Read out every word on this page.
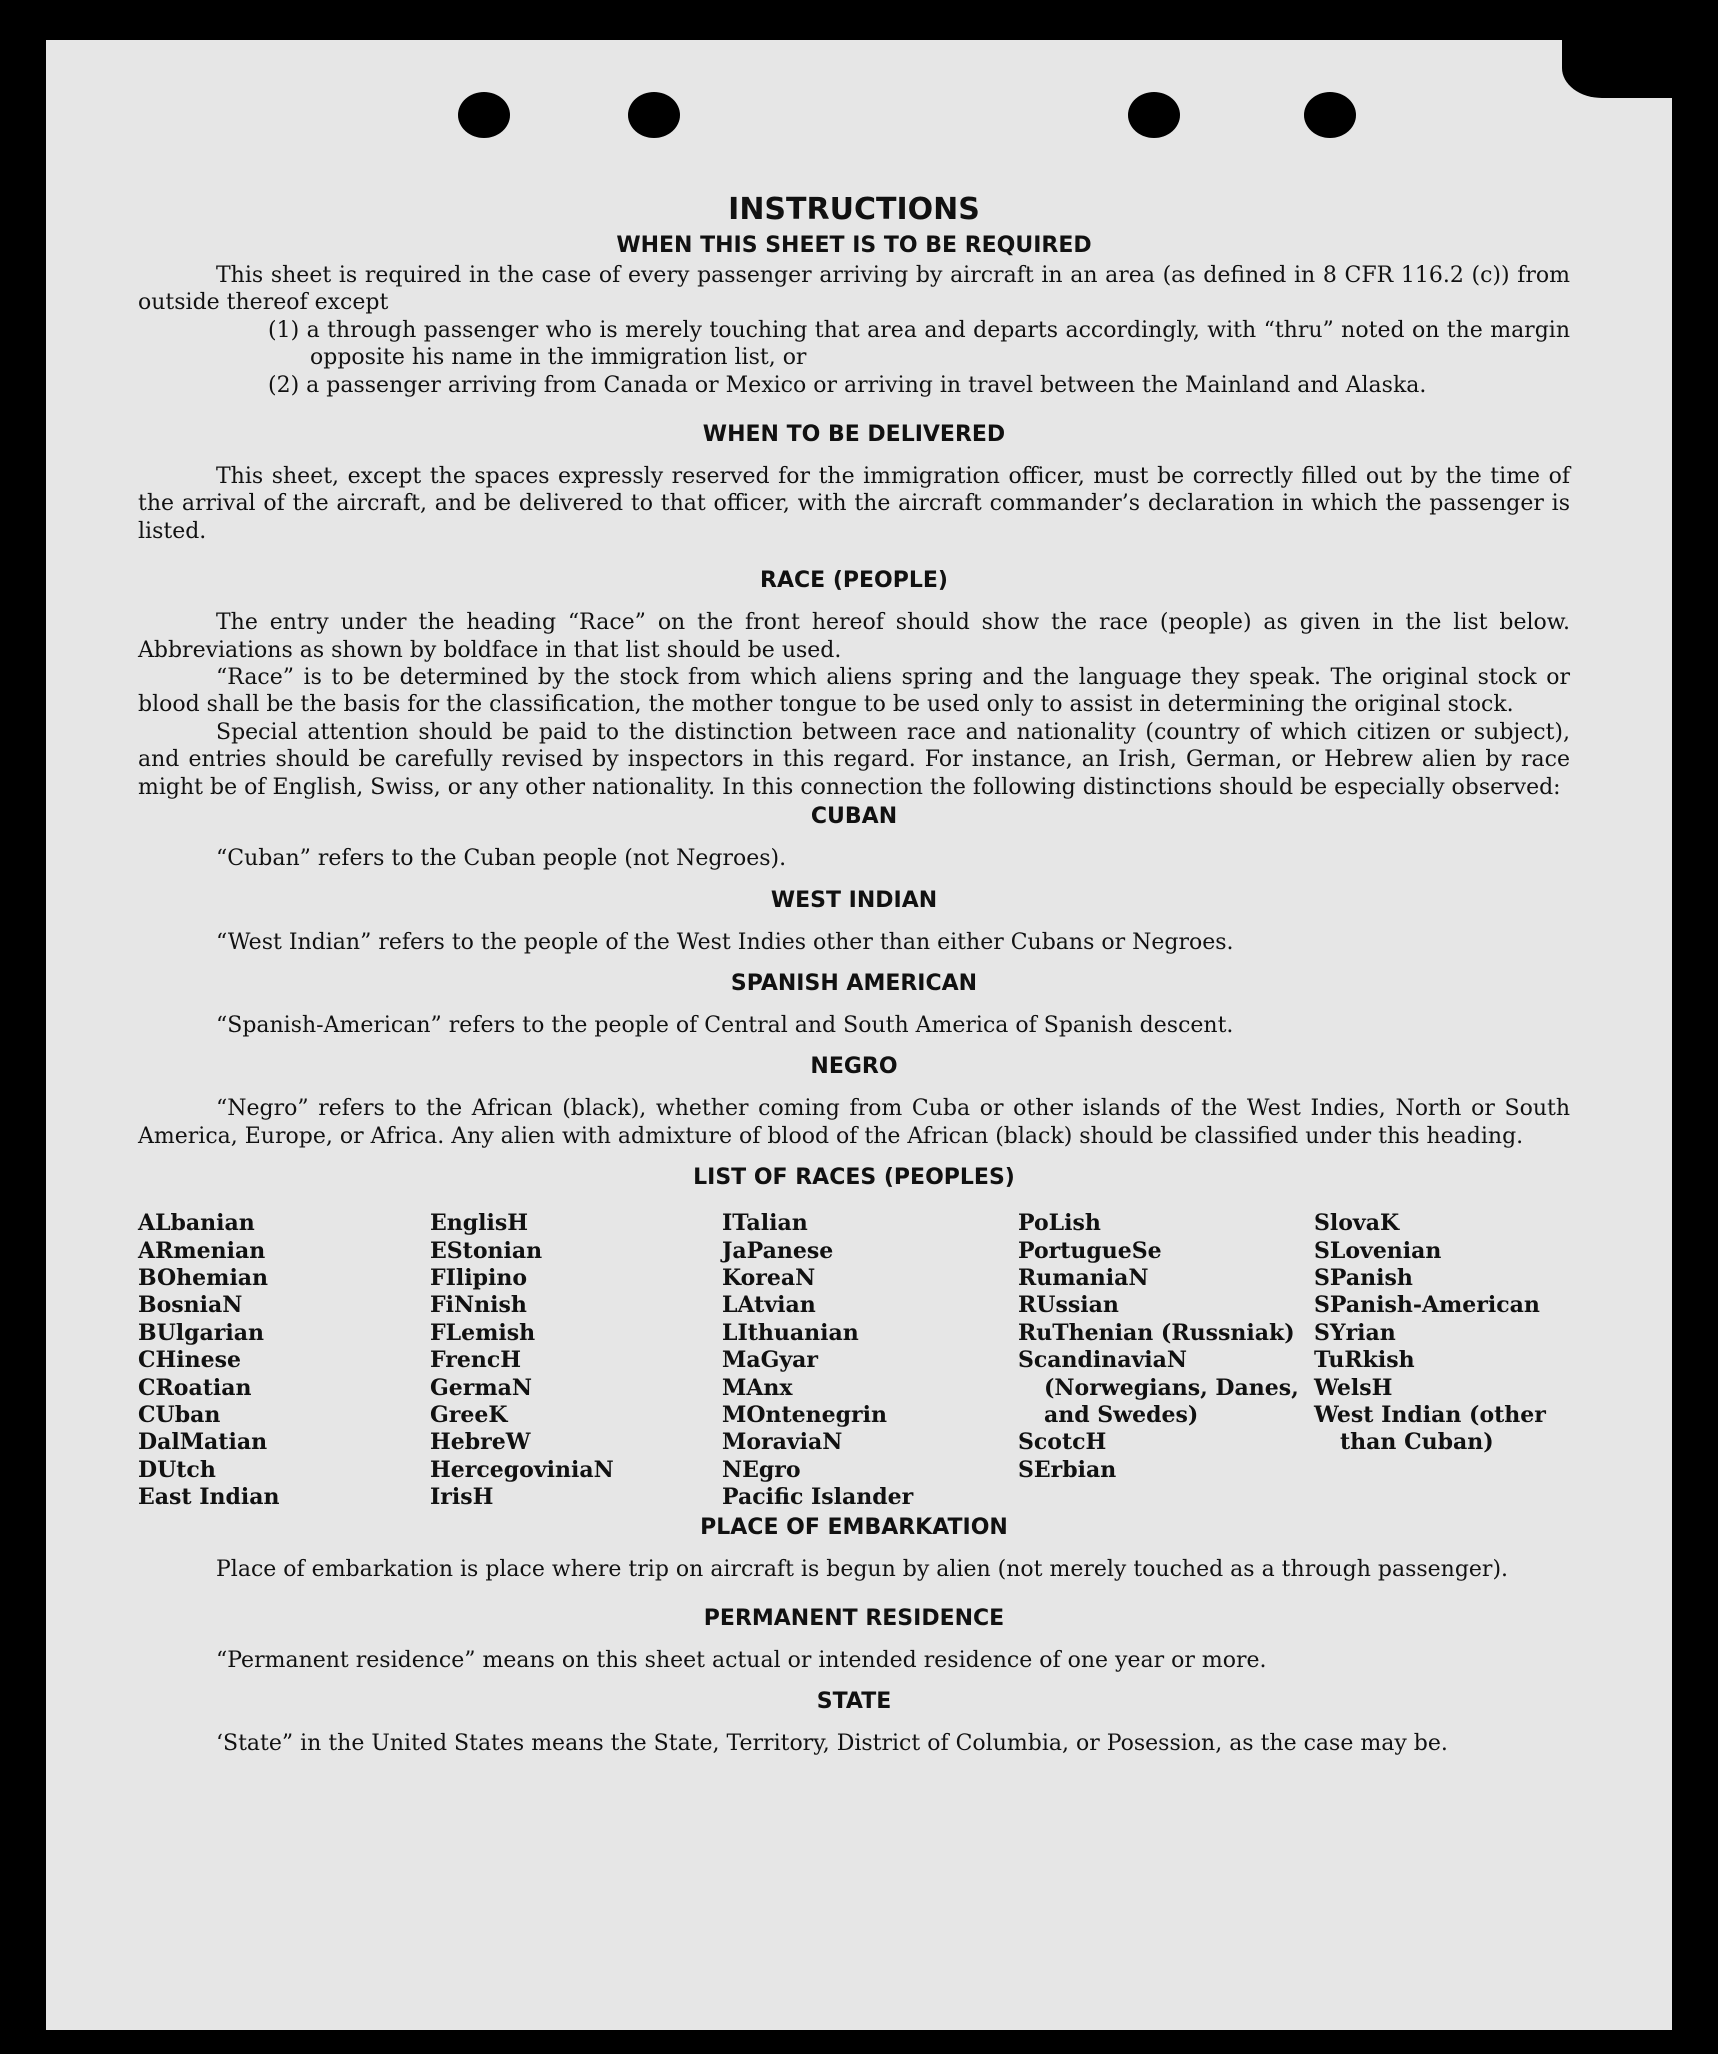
INSTRUCTIONS
WHEN THIS SHEET IS TO BE REQUIRED

This sheet is required in the case of every passenger arriving by aircraft in an area (as defined in 8 CFR 116.2 (c)) from outside thereof except

(1) a through passenger who is merely touching that area and departs accordingly, with “thru” noted on the margin opposite his name in the immigration list, or

(2) a passenger arriving from Canada or Mexico or arriving in travel between the Mainland and Alaska.

WHEN TO BE DELIVERED

This sheet, except the spaces expressly reserved for the immigration officer, must be correctly filled out by the time of the arrival of the aircraft, and be delivered to that officer, with the aircraft commander’s declaration in which the passenger is listed.

RACE (PEOPLE)

The entry under the heading “Race” on the front hereof should show the race (people) as given in the list below. Abbreviations as shown by boldface in that list should be used.

“Race” is to be determined by the stock from which aliens spring and the language they speak. The original stock or blood shall be the basis for the classification, the mother tongue to be used only to assist in determining the original stock.

Special attention should be paid to the distinction between race and nationality (country of which citizen or subject), and entries should be carefully revised by inspectors in this regard. For instance, an Irish, German, or Hebrew alien by race might be of English, Swiss, or any other nationality. In this connection the following distinctions should be especially observed:

CUBAN

“Cuban” refers to the Cuban people (not Negroes).

WEST INDIAN

“West Indian” refers to the people of the West Indies other than either Cubans or Negroes.

SPANISH AMERICAN

“Spanish-American” refers to the people of Central and South America of Spanish descent.

NEGRO

“Negro” refers to the African (black), whether coming from Cuba or other islands of the West Indies, North or South America, Europe, or Africa. Any alien with admixture of blood of the African (black) should be classified under this heading.

LIST OF RACES (PEOPLES)
ALbanian
ARmenian
BOhemian
BosniaN
BUlgarian
CHinese
CRoatian
CUban
DalMatian
DUtch
East Indian
EnglisH
EStonian
FIlipino
FiNnish
FLemish
FrencH
GermaN
GreeK
HebreW
HercegoviniaN
IrisH
ITalian
JaPanese
KoreaN
LAtvian
LIthuanian
MaGyar
MAnx
MOntenegrin
MoraviaN
NEgro
Pacific Islander
PoLish
PortugueSe
RumaniaN
RUssian
RuThenian (Russniak)
ScandinaviaN (Norwegians, Danes, and Swedes)
ScotcH
SErbian
SlovaK
SLovenian
SPanish
SPanish-American
SYrian
TuRkish
WelsH
West Indian (other than Cuban)
PLACE OF EMBARKATION

Place of embarkation is place where trip on aircraft is begun by alien (not merely touched as a through passenger).

PERMANENT RESIDENCE

“Permanent residence” means on this sheet actual or intended residence of one year or more.

STATE

‘State” in the United States means the State, Territory, District of Columbia, or Posession, as the case may be.
